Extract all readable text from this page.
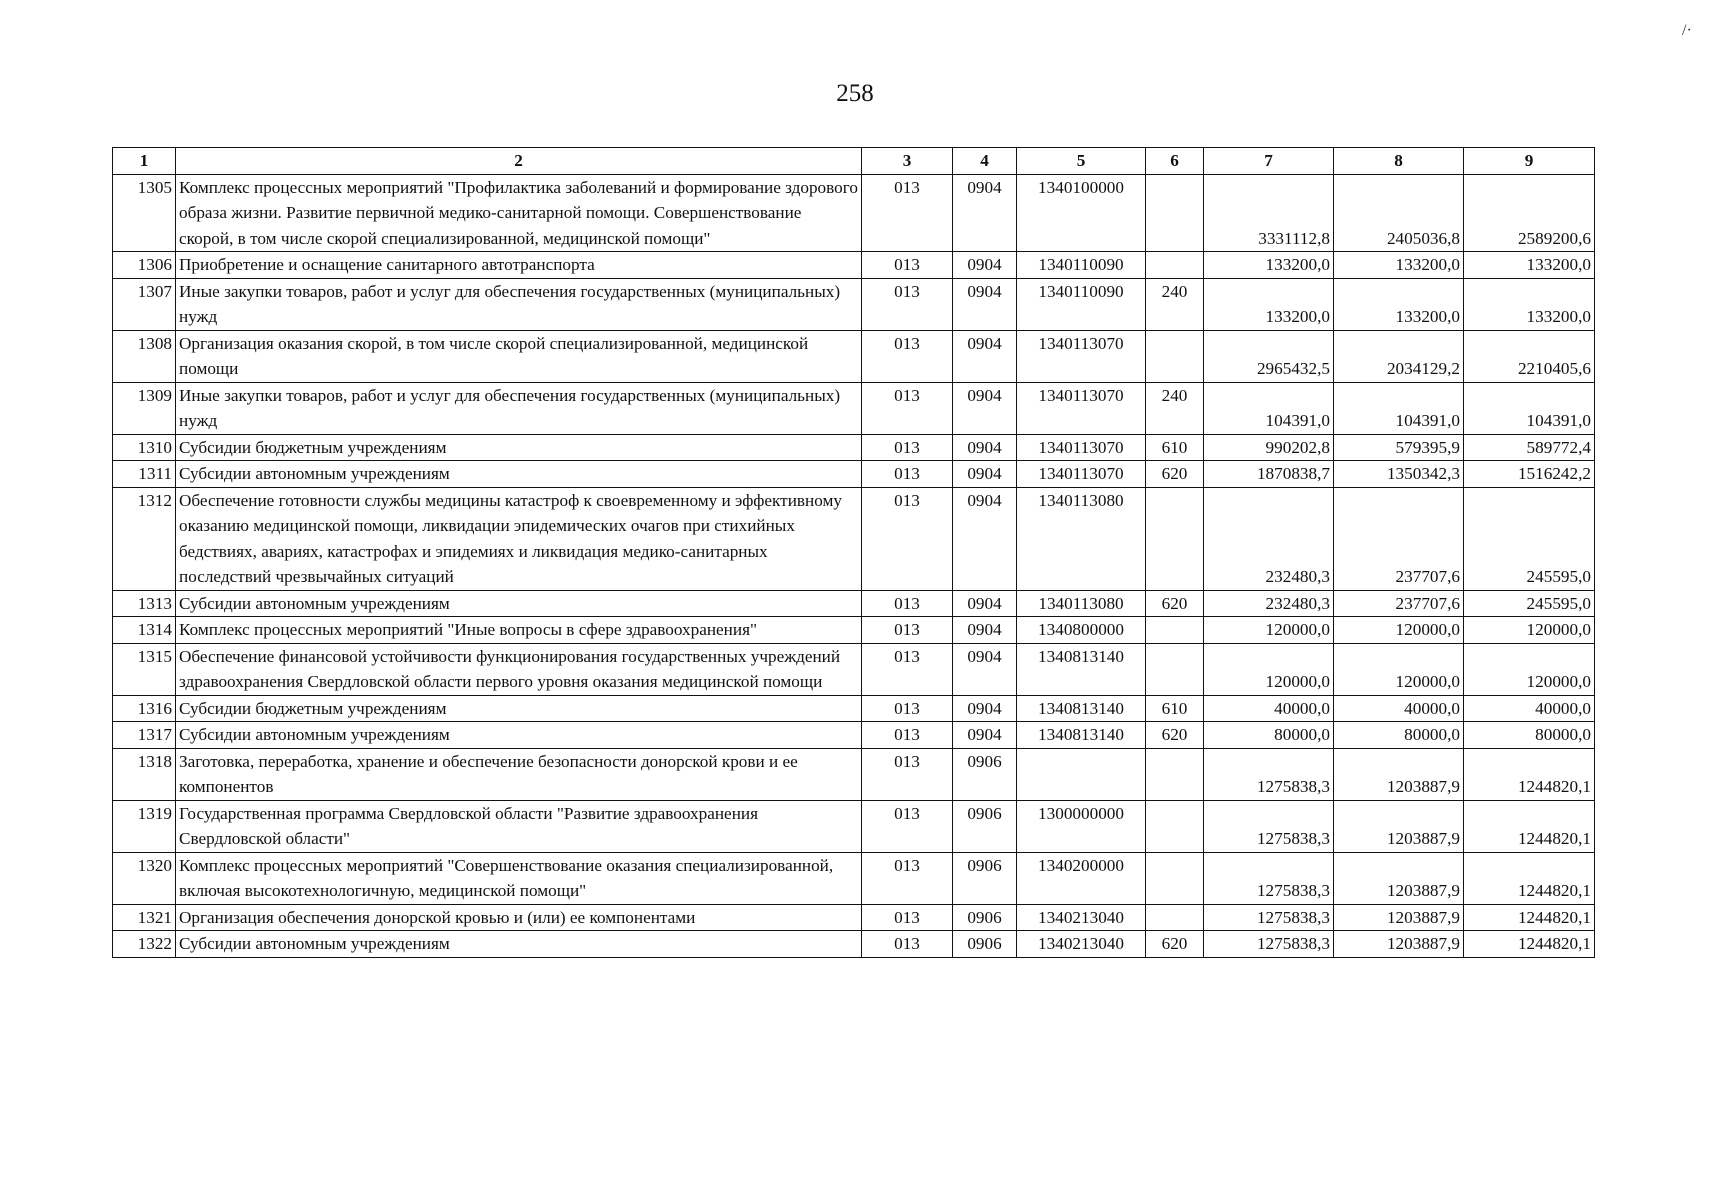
258
/·
1	2	3	4	5	6	7	8	9
1305	Комплекс процессных мероприятий "Профилактика заболеваний и формирование здорового образа жизни. Развитие первичной медико-санитарной помощи. Совершенствование скорой, в том числе скорой специализированной, медицинской помощи"	013	0904	1340100000		3331112,8	2405036,8	2589200,6
1306	Приобретение и оснащение санитарного автотранспорта	013	0904	1340110090		133200,0	133200,0	133200,0
1307	Иные закупки товаров, работ и услуг для обеспечения государственных (муниципальных) нужд	013	0904	1340110090	240	133200,0	133200,0	133200,0
1308	Организация оказания скорой, в том числе скорой специализированной, медицинской помощи	013	0904	1340113070		2965432,5	2034129,2	2210405,6
1309	Иные закупки товаров, работ и услуг для обеспечения государственных (муниципальных) нужд	013	0904	1340113070	240	104391,0	104391,0	104391,0
1310	Субсидии бюджетным учреждениям	013	0904	1340113070	610	990202,8	579395,9	589772,4
1311	Субсидии автономным учреждениям	013	0904	1340113070	620	1870838,7	1350342,3	1516242,2
1312	Обеспечение готовности службы медицины катастроф к своевременному и эффективному оказанию медицинской помощи, ликвидации эпидемических очагов при стихийных бедствиях, авариях, катастрофах и эпидемиях и ликвидация медико-санитарных последствий чрезвычайных ситуаций	013	0904	1340113080		232480,3	237707,6	245595,0
1313	Субсидии автономным учреждениям	013	0904	1340113080	620	232480,3	237707,6	245595,0
1314	Комплекс процессных мероприятий "Иные вопросы в сфере здравоохранения"	013	0904	1340800000		120000,0	120000,0	120000,0
1315	Обеспечение финансовой устойчивости функционирования государственных учреждений здравоохранения Свердловской области первого уровня оказания медицинской помощи	013	0904	1340813140		120000,0	120000,0	120000,0
1316	Субсидии бюджетным учреждениям	013	0904	1340813140	610	40000,0	40000,0	40000,0
1317	Субсидии автономным учреждениям	013	0904	1340813140	620	80000,0	80000,0	80000,0
1318	Заготовка, переработка, хранение и обеспечение безопасности донорской крови и ее компонентов	013	0906			1275838,3	1203887,9	1244820,1
1319	Государственная программа Свердловской области "Развитие здравоохранения Свердловской области"	013	0906	1300000000		1275838,3	1203887,9	1244820,1
1320	Комплекс процессных мероприятий "Совершенствование оказания специализированной, включая высокотехнологичную, медицинской помощи"	013	0906	1340200000		1275838,3	1203887,9	1244820,1
1321	Организация обеспечения донорской кровью и (или) ее компонентами	013	0906	1340213040		1275838,3	1203887,9	1244820,1
1322	Субсидии автономным учреждениям	013	0906	1340213040	620	1275838,3	1203887,9	1244820,1
